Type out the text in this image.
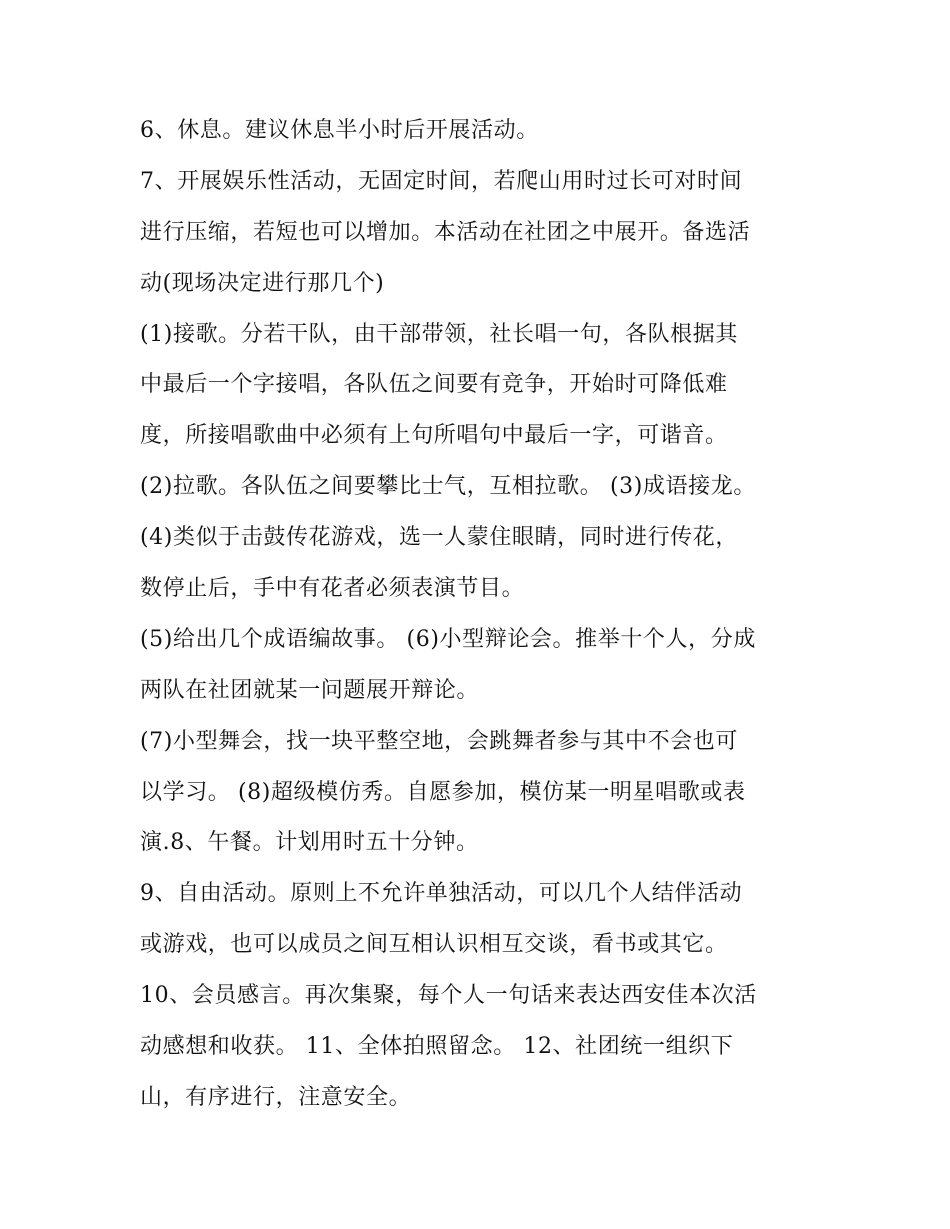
6、休息。建议休息半小时后开展活动。
7、开展娱乐性活动，无固定时间，若爬山用时过长可对时间
进行压缩，若短也可以增加。本活动在社团之中展开。备选活
动(现场决定进行那几个)
(1)接歌。分若干队，由干部带领，社长唱一句，各队根据其
中最后一个字接唱，各队伍之间要有竞争，开始时可降低难
度，所接唱歌曲中必须有上句所唱句中最后一字，可谐音。
(2)拉歌。各队伍之间要攀比士气，互相拉歌。 (3)成语接龙。
(4)类似于击鼓传花游戏，选一人蒙住眼睛，同时进行传花，
数停止后，手中有花者必须表演节目。
(5)给出几个成语编故事。 (6)小型辩论会。推举十个人，分成
两队在社团就某一问题展开辩论。
(7)小型舞会，找一块平整空地，会跳舞者参与其中不会也可
以学习。 (8)超级模仿秀。自愿参加，模仿某一明星唱歌或表
演.8、午餐。计划用时五十分钟。
9、自由活动。原则上不允许单独活动，可以几个人结伴活动
或游戏，也可以成员之间互相认识相互交谈，看书或其它。
10、会员感言。再次集聚，每个人一句话来表达西安佳本次活
动感想和收获。 11、全体拍照留念。 12、社团统一组织下
山，有序进行，注意安全。
